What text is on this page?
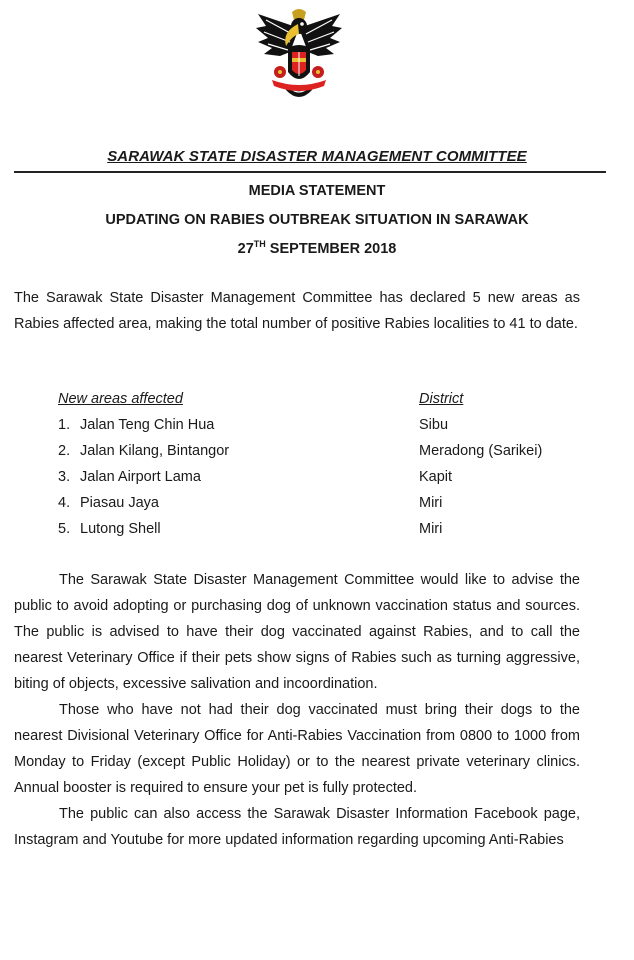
SARAWAK STATE DISASTER MANAGEMENT COMMITTEE
MEDIA STATEMENT
UPDATING ON RABIES OUTBREAK SITUATION IN SARAWAK
27TH SEPTEMBER 2018
The Sarawak State Disaster Management Committee has declared 5 new areas as Rabies affected area, making the total number of positive Rabies localities to 41 to date.
New areas affected	District
1. Jalan Teng Chin Hua	Sibu
2. Jalan Kilang, Bintangor	Meradong (Sarikei)
3. Jalan Airport Lama	Kapit
4. Piasau Jaya	Miri
5. Lutong Shell	Miri
The Sarawak State Disaster Management Committee would like to advise the public to avoid adopting or purchasing dog of unknown vaccination status and sources. The public is advised to have their dog vaccinated against Rabies, and to call the nearest Veterinary Office if their pets show signs of Rabies such as turning aggressive, biting of objects, excessive salivation and incoordination.
Those who have not had their dog vaccinated must bring their dogs to the nearest Divisional Veterinary Office for Anti-Rabies Vaccination from 0800 to 1000 from Monday to Friday (except Public Holiday) or to the nearest private veterinary clinics. Annual booster is required to ensure your pet is fully protected.
The public can also access the Sarawak Disaster Information Facebook page, Instagram and Youtube for more updated information regarding upcoming Anti-Rabies
